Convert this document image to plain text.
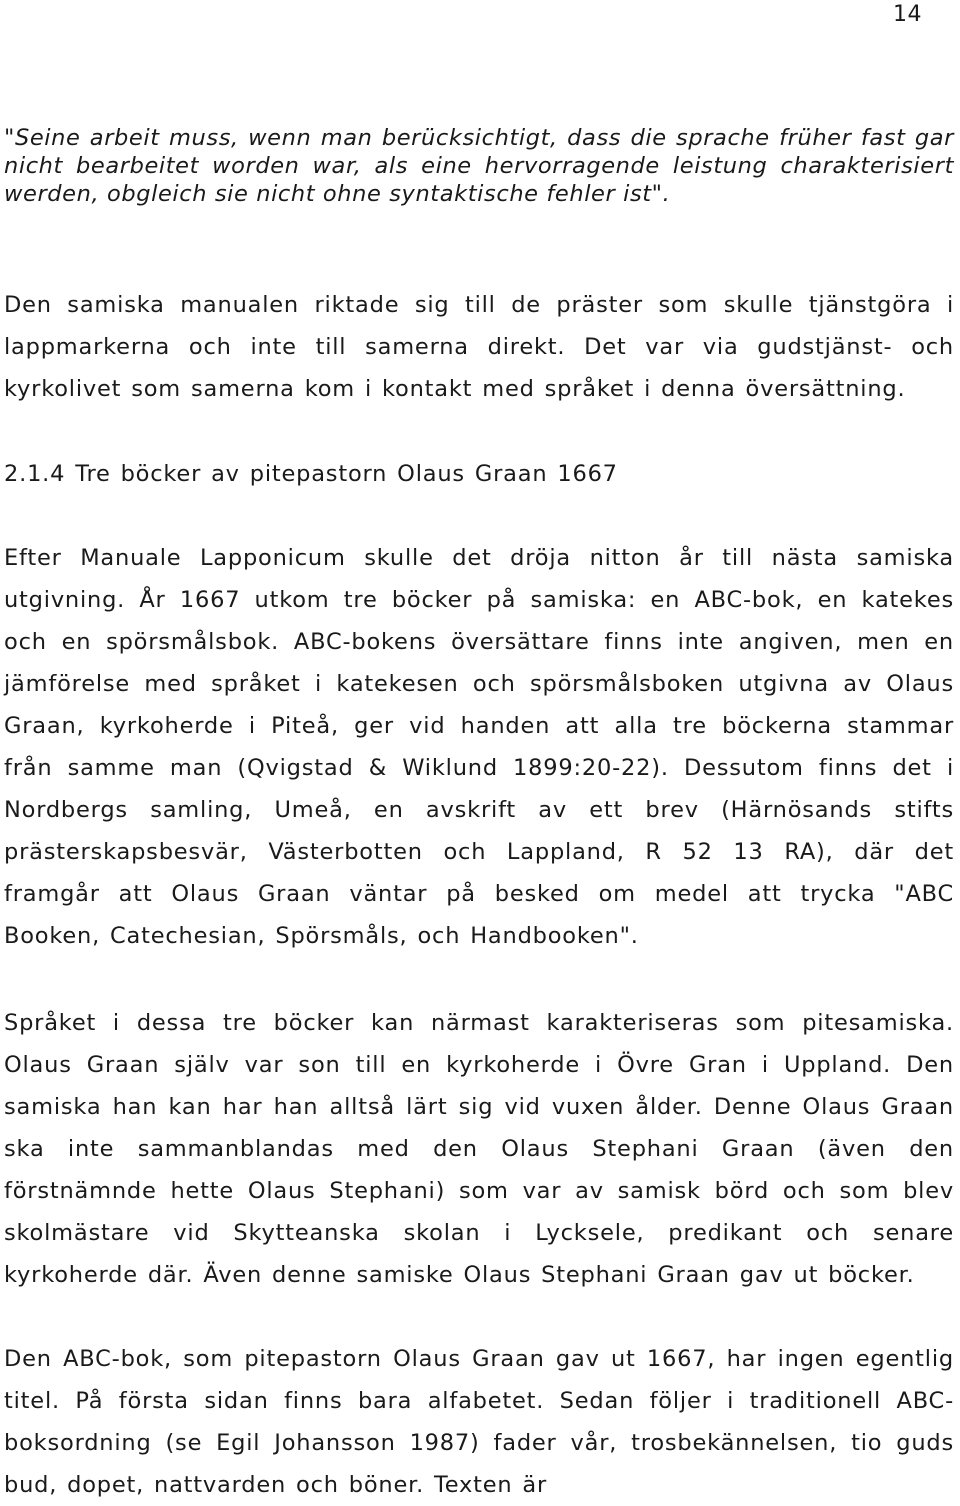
14
"Seine arbeit muss, wenn man berücksichtigt, dass die sprache früher fast gar nicht bearbeitet worden war, als eine hervorragende leistung charakterisiert werden, obgleich sie nicht ohne syntaktische fehler ist".
Den samiska manualen riktade sig till de präster som skulle tjänstgöra i lappmarkerna och inte till samerna direkt. Det var via gudstjänst- och kyrkolivet som samerna kom i kontakt med språket i denna översättning.
2.1.4 Tre böcker av pitepastorn Olaus Graan 1667
Efter Manuale Lapponicum skulle det dröja nitton år till nästa samiska utgivning. År 1667 utkom tre böcker på samiska: en ABC-bok, en katekes och en spörsmålsbok. ABC-bokens översättare finns inte angiven, men en jämförelse med språket i katekesen och spörsmålsboken utgivna av Olaus Graan, kyrkoherde i Piteå, ger vid handen att alla tre böckerna stammar från samme man (Qvigstad & Wiklund 1899:20-22). Dessutom finns det i Nordbergs samling, Umeå, en avskrift av ett brev (Härnösands stifts prästerskapsbesvär, Västerbotten och Lappland, R 52 13 RA), där det framgår att Olaus Graan väntar på besked om medel att trycka "ABC Booken, Catechesian, Spörsmåls, och Handbooken".
Språket i dessa tre böcker kan närmast karakteriseras som pitesamiska. Olaus Graan själv var son till en kyrkoherde i Övre Gran i Uppland. Den samiska han kan har han alltså lärt sig vid vuxen ålder. Denne Olaus Graan ska inte sammanblandas med den Olaus Stephani Graan (även den förstnämnde hette Olaus Stephani) som var av samisk börd och som blev skolmästare vid Skytteanska skolan i Lycksele, predikant och senare kyrkoherde där. Även denne samiske Olaus Stephani Graan gav ut böcker.
Den ABC-bok, som pitepastorn Olaus Graan gav ut 1667, har ingen egentlig titel. På första sidan finns bara alfabetet. Sedan följer i traditionell ABC-boksordning (se Egil Johansson 1987) fader vår, trosbekännelsen, tio guds bud, dopet, nattvarden och böner. Texten är
